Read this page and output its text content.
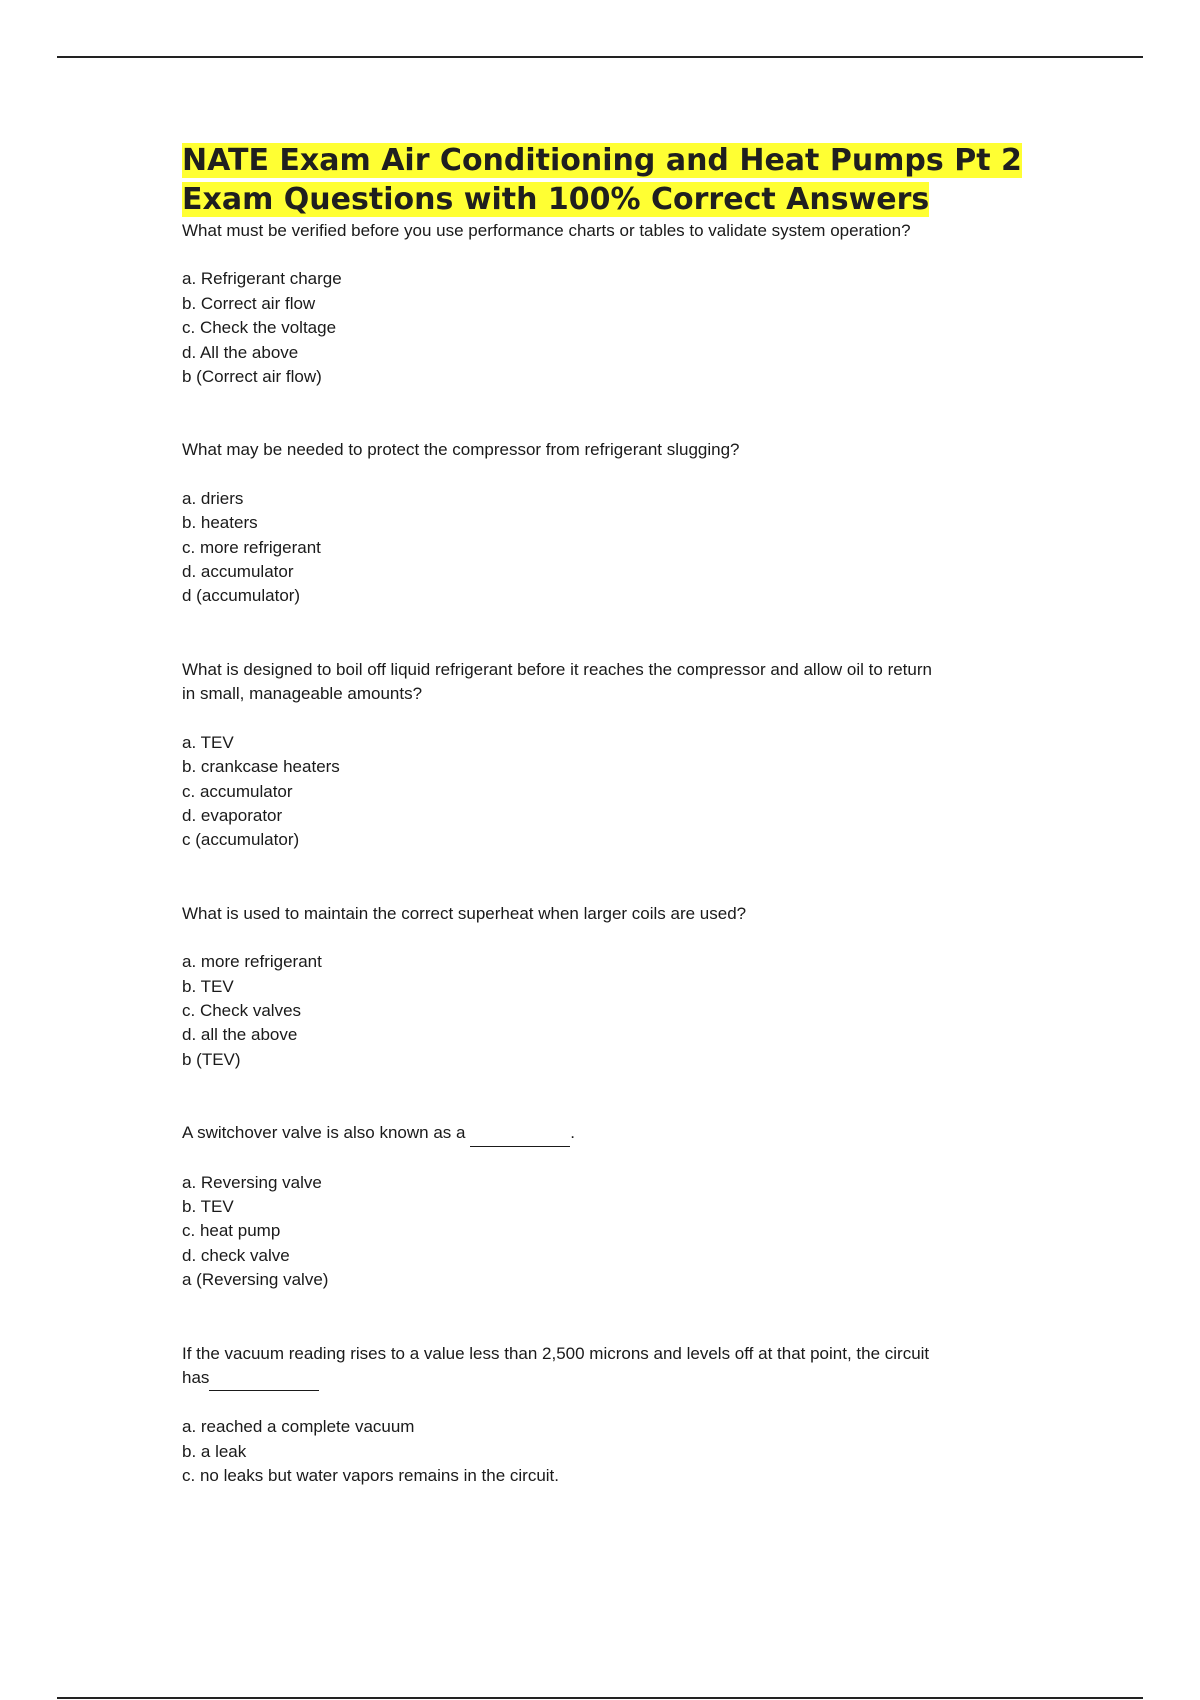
NATE Exam Air Conditioning and Heat Pumps Pt 2 Exam Questions with 100% Correct Answers

What must be verified before you use performance charts or tables to validate system operation?

a. Refrigerant charge

b. Correct air flow

c. Check the voltage

d. All the above

b (Correct air flow)

What may be needed to protect the compressor from refrigerant slugging?

a. driers

b. heaters

c. more refrigerant

d. accumulator

d (accumulator)

What is designed to boil off liquid refrigerant before it reaches the compressor and allow oil to return

in small, manageable amounts?

a. TEV

b. crankcase heaters

c. accumulator

d. evaporator

c (accumulator)

What is used to maintain the correct superheat when larger coils are used?

a. more refrigerant

b. TEV

c. Check valves

d. all the above

b (TEV)

A switchover valve is also known as a	.

a. Reversing valve

b. TEV

c. heat pump

d. check valve

a (Reversing valve)

If the vacuum reading rises to a value less than 2,500 microns and levels off at that point, the circuit

has

a. reached a complete vacuum

b. a leak

c. no leaks but water vapors remains in the circuit.
